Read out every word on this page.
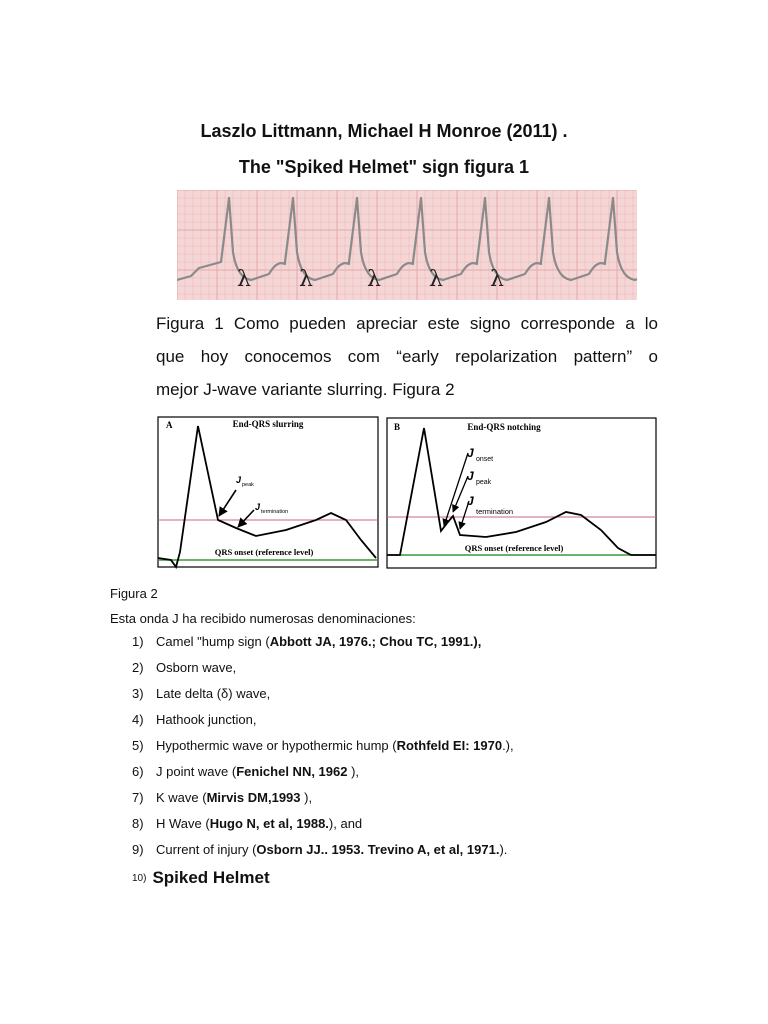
Laszlo Littmann, Michael H Monroe (2011) .
The "Spiked Helmet" sign figura 1
λ λ λ λ λ
Figura 1 Como pueden apreciar este signo corresponde a lo
que hoy conocemos com “early repolarization pattern” o
mejor J-wave variante slurring. Figura 2
A	End-QRS slurring
J peak
J termination
QRS onset (reference level)
B	End-QRS notching
J onset
J peak
J
termination
QRS onset (reference level)
Figura 2
Esta onda J ha recibido numerosas denominaciones:
1) Camel "hump sign (Abbott JA, 1976.; Chou TC, 1991.),
2) Osborn wave,
3) Late delta (δ) wave,
4) Hathook junction,
5) Hypothermic wave or hypothermic hump (Rothfeld EI: 1970.),
6) J point wave (Fenichel NN, 1962 ),
7) K wave (Mirvis DM,1993 ),
8) H Wave (Hugo N, et al, 1988.), and
9) Current of injury (Osborn JJ.. 1953. Trevino A, et al, 1971.).
10) Spiked Helmet
